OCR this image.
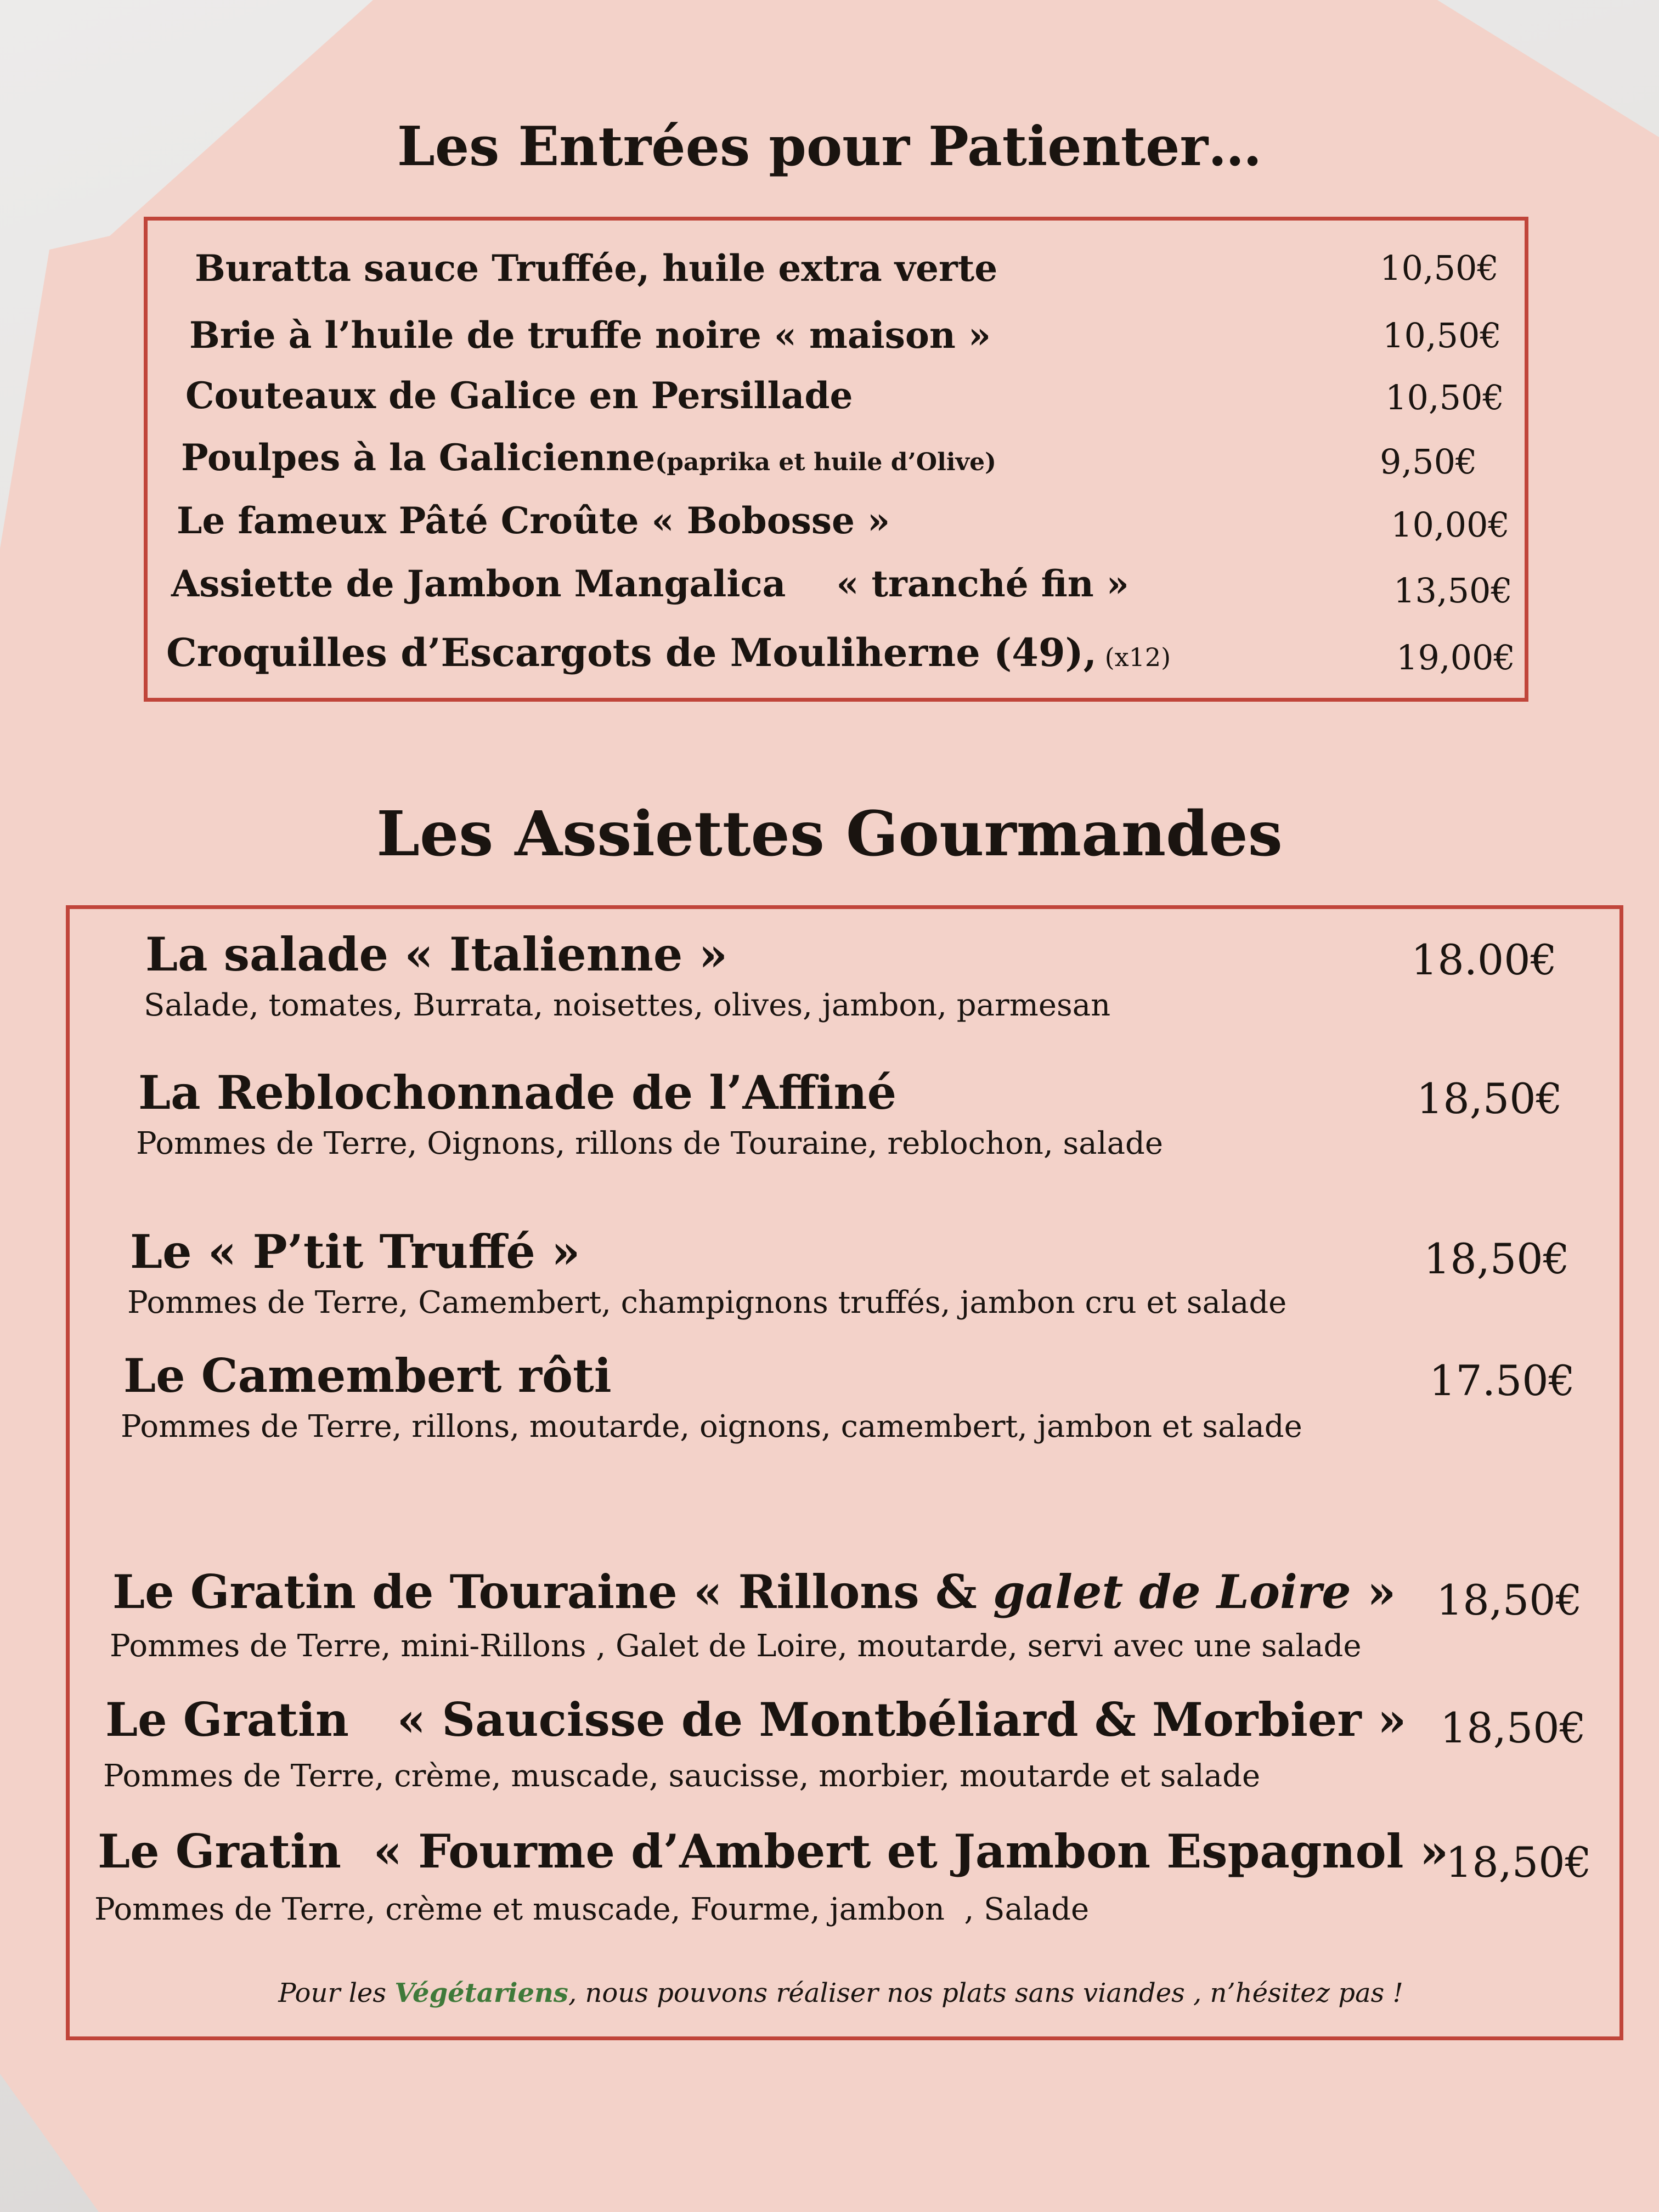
Les Entrées pour Patienter…
Buratta sauce Truffée, huile extra verte	10,50€
Brie à l’huile de truffe noire « maison »	10,50€
Couteaux de Galice en Persillade	10,50€
Poulpes à la Galicienne(paprika et huile d’Olive)	9,50€
Le fameux Pâté Croûte « Bobosse »	10,00€
Assiette de Jambon Mangalica    « tranché fin »	13,50€
Croquilles d’Escargots de Mouliherne (49), (x12)	19,00€
Les Assiettes Gourmandes
La salade « Italienne »
Salade, tomates, Burrata, noisettes, olives, jambon, parmesan
18.00€
La Reblochonnade de l’Affiné
Pommes de Terre, Oignons, rillons de Touraine, reblochon, salade
18,50€
Le « P’tit Truffé »
Pommes de Terre, Camembert, champignons truffés, jambon cru et salade
18,50€
Le Camembert rôti
Pommes de Terre, rillons, moutarde, oignons, camembert, jambon et salade
17.50€
Le Gratin de Touraine « Rillons & galet de Loire »
Pommes de Terre, mini-Rillons , Galet de Loire, moutarde, servi avec une salade
18,50€
Le Gratin   « Saucisse de Montbéliard & Morbier »
Pommes de Terre, crème, muscade, saucisse, morbier, moutarde et salade
18,50€
Le Gratin  « Fourme d’Ambert et Jambon Espagnol »
Pommes de Terre, crème et muscade, Fourme, jambon  , Salade
18,50€
Pour les Végétariens, nous pouvons réaliser nos plats sans viandes , n’hésitez pas !
